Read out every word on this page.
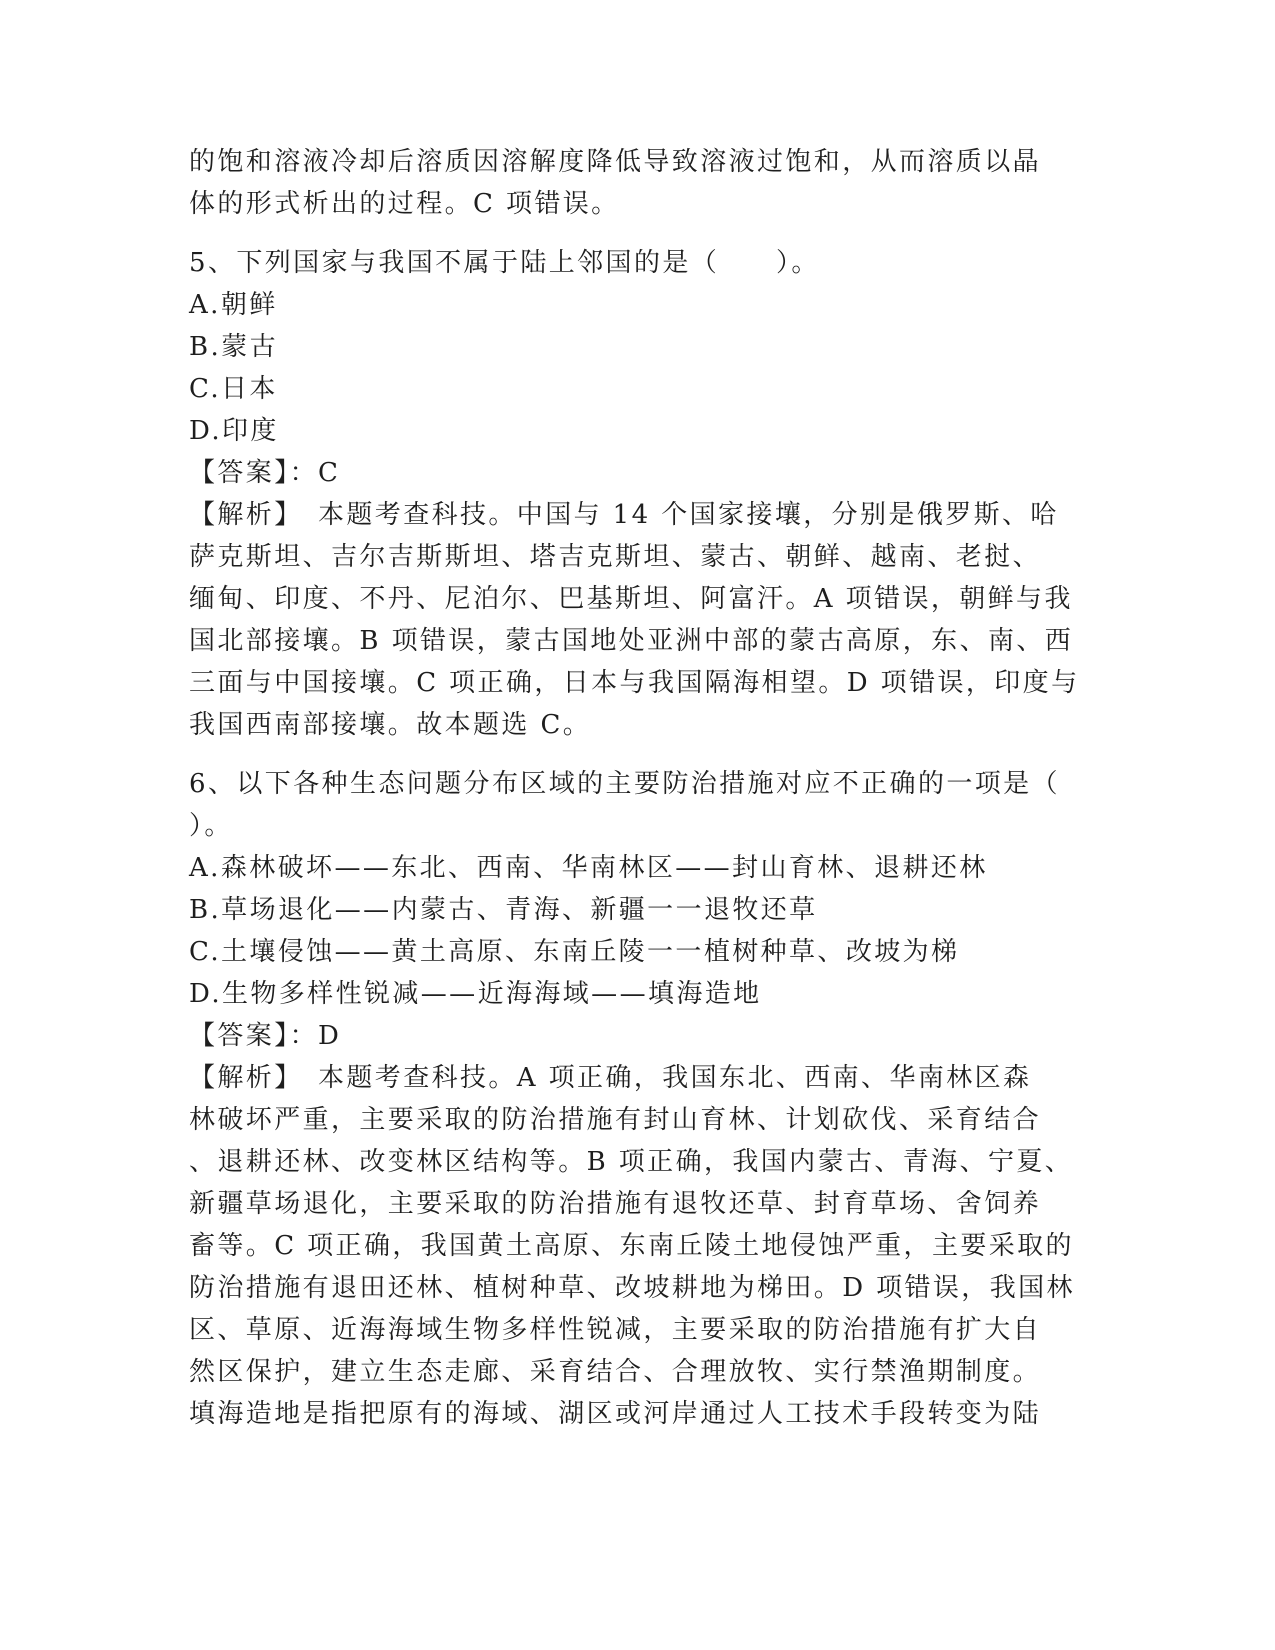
的饱和溶液冷却后溶质因溶解度降低导致溶液过饱和，从而溶质以晶
体的形式析出的过程。C 项错误。
5、下列国家与我国不属于陆上邻国的是（　　）。
A.朝鲜
B.蒙古
C.日本
D.印度
【答案】：C
【解析】　本题考查科技。中国与 14 个国家接壤，分别是俄罗斯、哈
萨克斯坦、吉尔吉斯斯坦、塔吉克斯坦、蒙古、朝鲜、越南、老挝、
缅甸、印度、不丹、尼泊尔、巴基斯坦、阿富汗。A 项错误，朝鲜与我
国北部接壤。B 项错误，蒙古国地处亚洲中部的蒙古高原，东、南、西
三面与中国接壤。C 项正确，日本与我国隔海相望。D 项错误，印度与
我国西南部接壤。故本题选 C。
6、以下各种生态问题分布区域的主要防治措施对应不正确的一项是（
）。
A.森林破坏——东北、西南、华南林区——封山育林、退耕还林
B.草场退化——内蒙古、青海、新疆一一退牧还草
C.土壤侵蚀——黄土高原、东南丘陵一一植树种草、改坡为梯
D.生物多样性锐减——近海海域——填海造地
【答案】：D
【解析】　本题考查科技。A 项正确，我国东北、西南、华南林区森
林破坏严重，主要采取的防治措施有封山育林、计划砍伐、采育结合
、退耕还林、改变林区结构等。B 项正确，我国内蒙古、青海、宁夏、
新疆草场退化，主要采取的防治措施有退牧还草、封育草场、舍饲养
畜等。C 项正确，我国黄土高原、东南丘陵土地侵蚀严重，主要采取的
防治措施有退田还林、植树种草、改坡耕地为梯田。D 项错误，我国林
区、草原、近海海域生物多样性锐减，主要采取的防治措施有扩大自
然区保护，建立生态走廊、采育结合、合理放牧、实行禁渔期制度。
填海造地是指把原有的海域、湖区或河岸通过人工技术手段转变为陆
